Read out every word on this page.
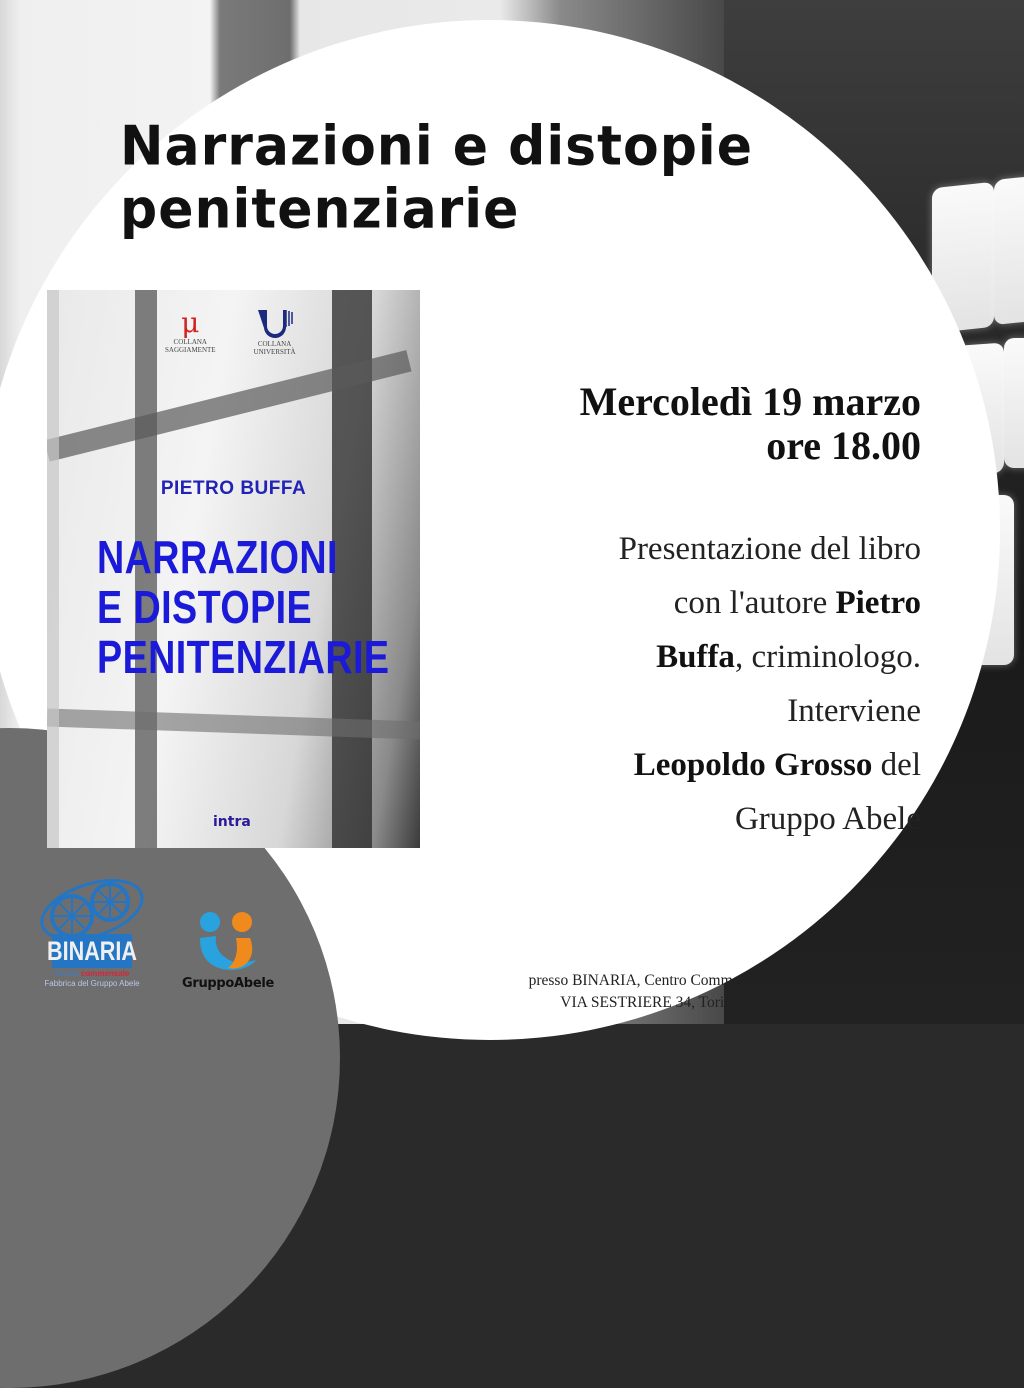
Narrazioni e distopie
penitenziarie
μ
COLLANA
SAGGIAMENTE
COLLANA
UNIVERSITÀ
PIETRO BUFFA
NARRAZIONI
E DISTOPIE
PENITENZIARIE
intra
Mercoledì 19 marzo
ore 18.00
Presentazione del libro
con l'autore Pietro
Buffa, criminologo.
Interviene
Leopoldo Grosso del
Gruppo Abele
presso BINARIA, Centro Commensale
VIA SESTRIERE 34, Torino
BINARIA
Centro commensale
Fabbrica del Gruppo Abele	GruppoAbele
